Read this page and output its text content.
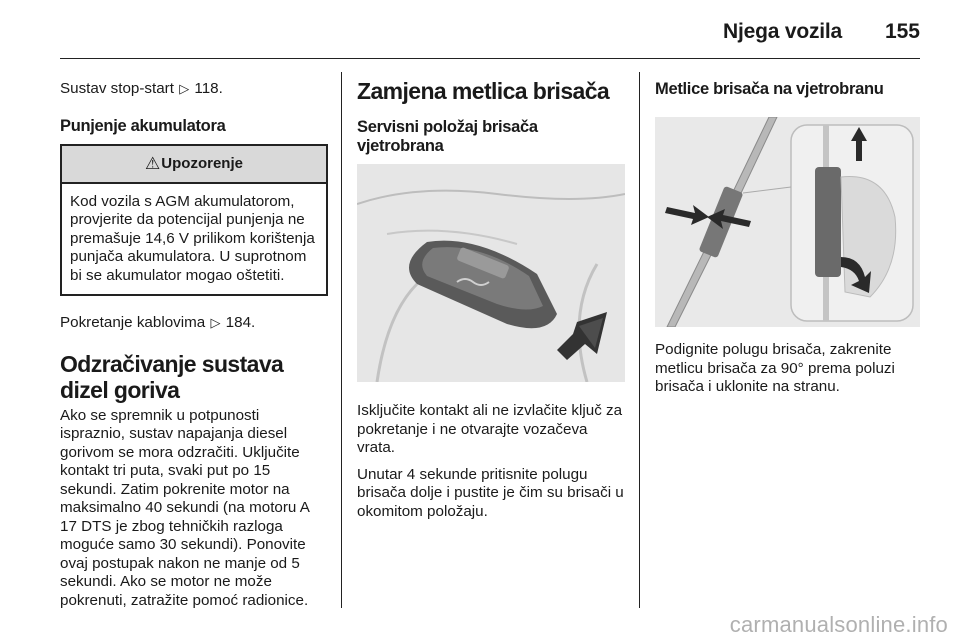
Njega vozila 155

Sustav stop-start ▷ 118.

Punjenje akumulatora
⚠ Upozorenje

Kod vozila s AGM akumulatorom, provjerite da potencijal punjenja ne premašuje 14,6 V prilikom korištenja punjača akumulatora. U suprotnom bi se akumulator mogao oštetiti.

Pokretanje kablovima ▷ 184.

Odzračivanje sustava dizel goriva

Ako se spremnik u potpunosti ispraznio, sustav napajanja diesel gorivom se mora odzračiti. Uključite kontakt tri puta, svaki put po 15 sekundi. Zatim pokrenite motor na maksimalno 40 sekundi (na motoru A 17 DTS je zbog tehničkih razloga moguće samo 30 sekundi). Ponovite ovaj postupak nakon ne manje od 5 sekundi. Ako se motor ne može pokrenuti, zatražite pomoć radionice.

Zamjena metlica brisača
Servisni položaj brisača vjetrobrana

Isključite kontakt ali ne izvlačite ključ za pokretanje i ne otvarajte vozačeva vrata.

Unutar 4 sekunde pritisnite polugu brisača dolje i pustite je čim su brisači u okomitom položaju.

Metlice brisača na vjetrobranu

Podignite polugu brisača, zakrenite metlicu brisača za 90° prema poluzi brisača i uklonite na stranu.

carmanualsonline.info
